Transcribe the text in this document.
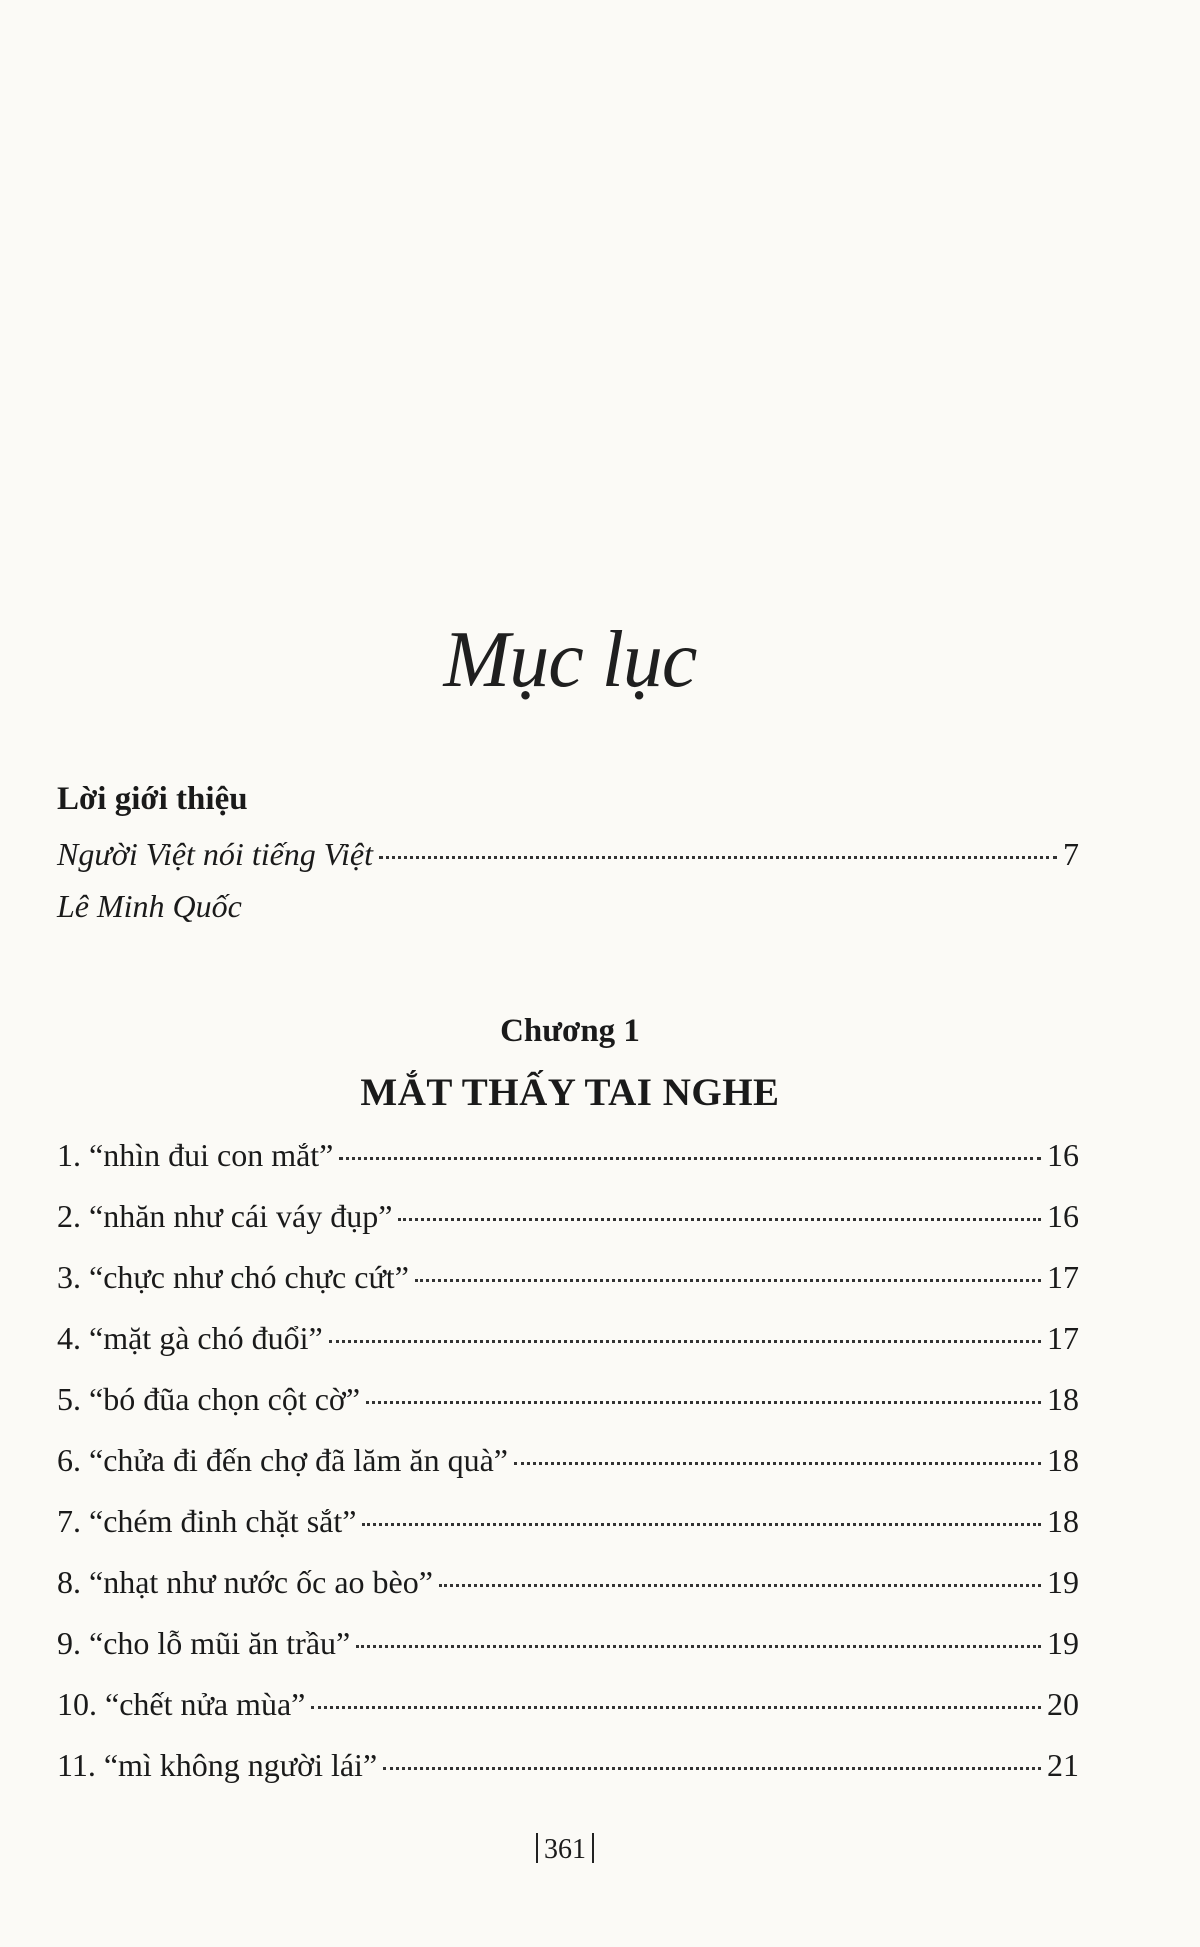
Mục lục
Lời giới thiệu
Người Việt nói tiếng Việt	7
Lê Minh Quốc
Chương 1
MẮT THẤY TAI NGHE
1. “nhìn đui con mắt”	16
2. “nhăn như cái váy đụp”	16
3. “chực như chó chực cứt”	17
4. “mặt gà chó đuổi”	17
5. “bó đũa chọn cột cờ”	18
6. “chửa đi đến chợ đã lăm ăn quà”	18
7. “chém đinh chặt sắt”	18
8. “nhạt như nước ốc ao bèo”	19
9. “cho lỗ mũi ăn trầu”	19
10. “chết nửa mùa”	20
11. “mì không người lái”	21
361
